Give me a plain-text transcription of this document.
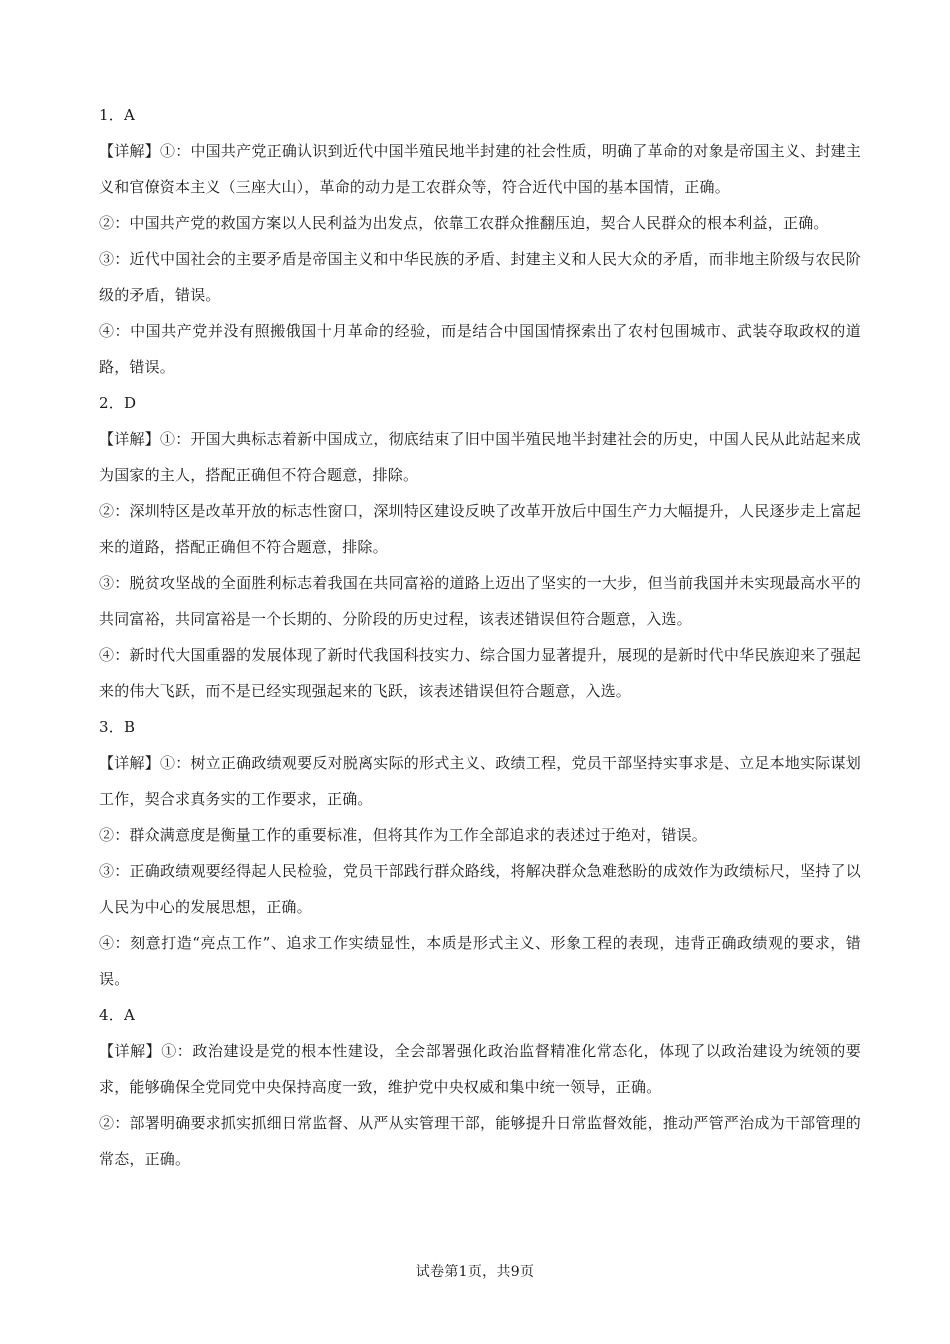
1．A

【详解】①：中国共产党正确认识到近代中国半殖民地半封建的社会性质，明确了革命的对象是帝国主义、封建主义和官僚资本主义（三座大山），革命的动力是工农群众等，符合近代中国的基本国情，正确。

②：中国共产党的救国方案以人民利益为出发点，依靠工农群众推翻压迫，契合人民群众的根本利益，正确。

③：近代中国社会的主要矛盾是帝国主义和中华民族的矛盾、封建主义和人民大众的矛盾，而非地主阶级与农民阶级的矛盾，错误。

④：中国共产党并没有照搬俄国十月革命的经验，而是结合中国国情探索出了农村包围城市、武装夺取政权的道路，错误。

2．D

【详解】①：开国大典标志着新中国成立，彻底结束了旧中国半殖民地半封建社会的历史，中国人民从此站起来成为国家的主人，搭配正确但不符合题意，排除。

②：深圳特区是改革开放的标志性窗口，深圳特区建设反映了改革开放后中国生产力大幅提升，人民逐步走上富起来的道路，搭配正确但不符合题意，排除。

③：脱贫攻坚战的全面胜利标志着我国在共同富裕的道路上迈出了坚实的一大步，但当前我国并未实现最高水平的共同富裕，共同富裕是一个长期的、分阶段的历史过程，该表述错误但符合题意，入选。

④：新时代大国重器的发展体现了新时代我国科技实力、综合国力显著提升，展现的是新时代中华民族迎来了强起来的伟大飞跃，而不是已经实现强起来的飞跃，该表述错误但符合题意，入选。

3．B

【详解】①：树立正确政绩观要反对脱离实际的形式主义、政绩工程，党员干部坚持实事求是、立足本地实际谋划工作，契合求真务实的工作要求，正确。

②：群众满意度是衡量工作的重要标准，但将其作为工作全部追求的表述过于绝对，错误。

③：正确政绩观要经得起人民检验，党员干部践行群众路线，将解决群众急难愁盼的成效作为政绩标尺，坚持了以人民为中心的发展思想，正确。

④：刻意打造“亮点工作”、追求工作实绩显性，本质是形式主义、形象工程的表现，违背正确政绩观的要求，错误。

4．A

【详解】①：政治建设是党的根本性建设，全会部署强化政治监督精准化常态化，体现了以政治建设为统领的要求，能够确保全党同党中央保持高度一致，维护党中央权威和集中统一领导，正确。

②：部署明确要求抓实抓细日常监督、从严从实管理干部，能够提升日常监督效能，推动严管严治成为干部管理的常态，正确。

试卷第1页，共9页
